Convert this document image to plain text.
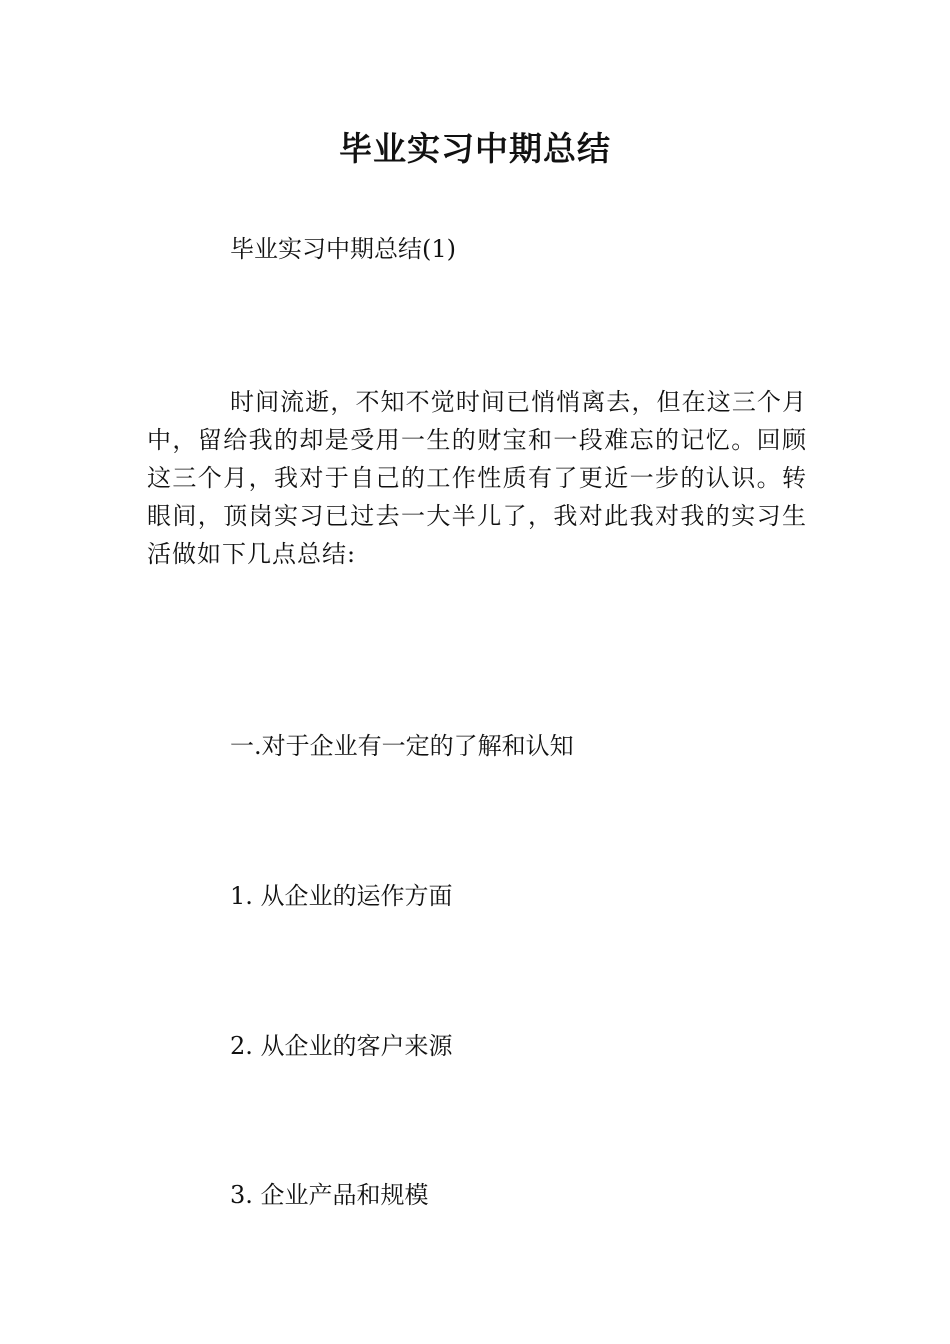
毕业实习中期总结

毕业实习中期总结(1)

时间流逝，不知不觉时间已悄悄离去，但在这三个月中，留给我的却是受用一生的财宝和一段难忘的记忆。回顾这三个月，我对于自己的工作性质有了更近一步的认识。转眼间，顶岗实习已过去一大半儿了，我对此我对我的实习生活做如下几点总结:

一.对于企业有一定的了解和认知

1. 从企业的运作方面

2. 从企业的客户来源

3. 企业产品和规模
